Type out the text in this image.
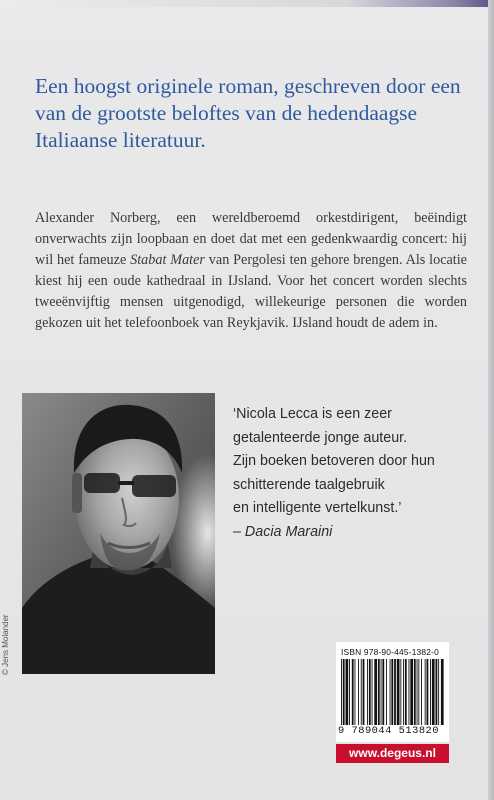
Een hoogst originele roman, geschreven door een van de grootste beloftes van de hedendaagse Italiaanse literatuur.

Alexander Norberg, een wereldberoemd orkestdirigent, beëindigt onverwachts zijn loopbaan en doet dat met een gedenkwaardig concert: hij wil het fameuze Stabat Mater van Pergolesi ten gehore brengen. Als locatie kiest hij een oude kathedraal in IJsland. Voor het concert worden slechts tweeënvijftig mensen uitgenodigd, willekeurige personen die worden gekozen uit het telefoonboek van Reykjavik. IJsland houdt de adem in.

© Jens Molander

‘Nicola Lecca is een zeer
getalenteerde jonge auteur.
Zijn boeken betoveren door hun
schitterende taalgebruik
en intelligente vertelkunst.’
– Dacia Maraini

ISBN 978-90-445-1382-0
9 789044 513820
www.degeus.nl
